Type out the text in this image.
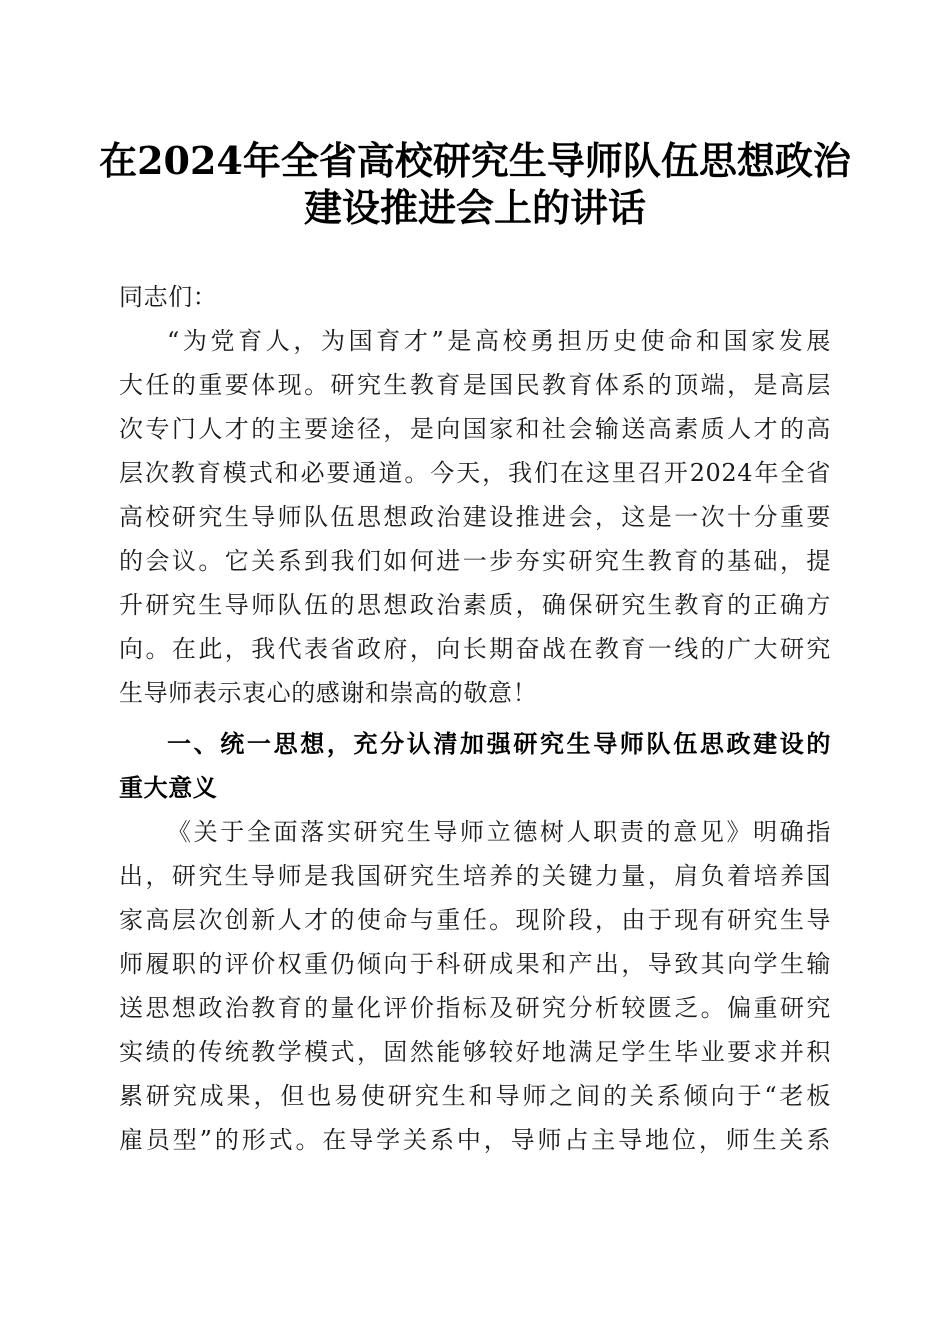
在2024年全省高校研究生导师队伍思想政治
建设推进会上的讲话
同志们：
“为党育人，为国育才”是高校勇担历史使命和国家发展
大任的重要体现。研究生教育是国民教育体系的顶端，是高层
次专门人才的主要途径，是向国家和社会输送高素质人才的高
层次教育模式和必要通道。今天，我们在这里召开2024年全省
高校研究生导师队伍思想政治建设推进会，这是一次十分重要
的会议。它关系到我们如何进一步夯实研究生教育的基础，提
升研究生导师队伍的思想政治素质，确保研究生教育的正确方
向。在此，我代表省政府，向长期奋战在教育一线的广大研究
生导师表示衷心的感谢和崇高的敬意！
一、统一思想，充分认清加强研究生导师队伍思政建设的
重大意义
《关于全面落实研究生导师立德树人职责的意见》明确指
出，研究生导师是我国研究生培养的关键力量，肩负着培养国
家高层次创新人才的使命与重任。现阶段，由于现有研究生导
师履职的评价权重仍倾向于科研成果和产出，导致其向学生输
送思想政治教育的量化评价指标及研究分析较匮乏。偏重研究
实绩的传统教学模式，固然能够较好地满足学生毕业要求并积
累研究成果，但也易使研究生和导师之间的关系倾向于“老板
雇员型”的形式。在导学关系中，导师占主导地位，师生关系
